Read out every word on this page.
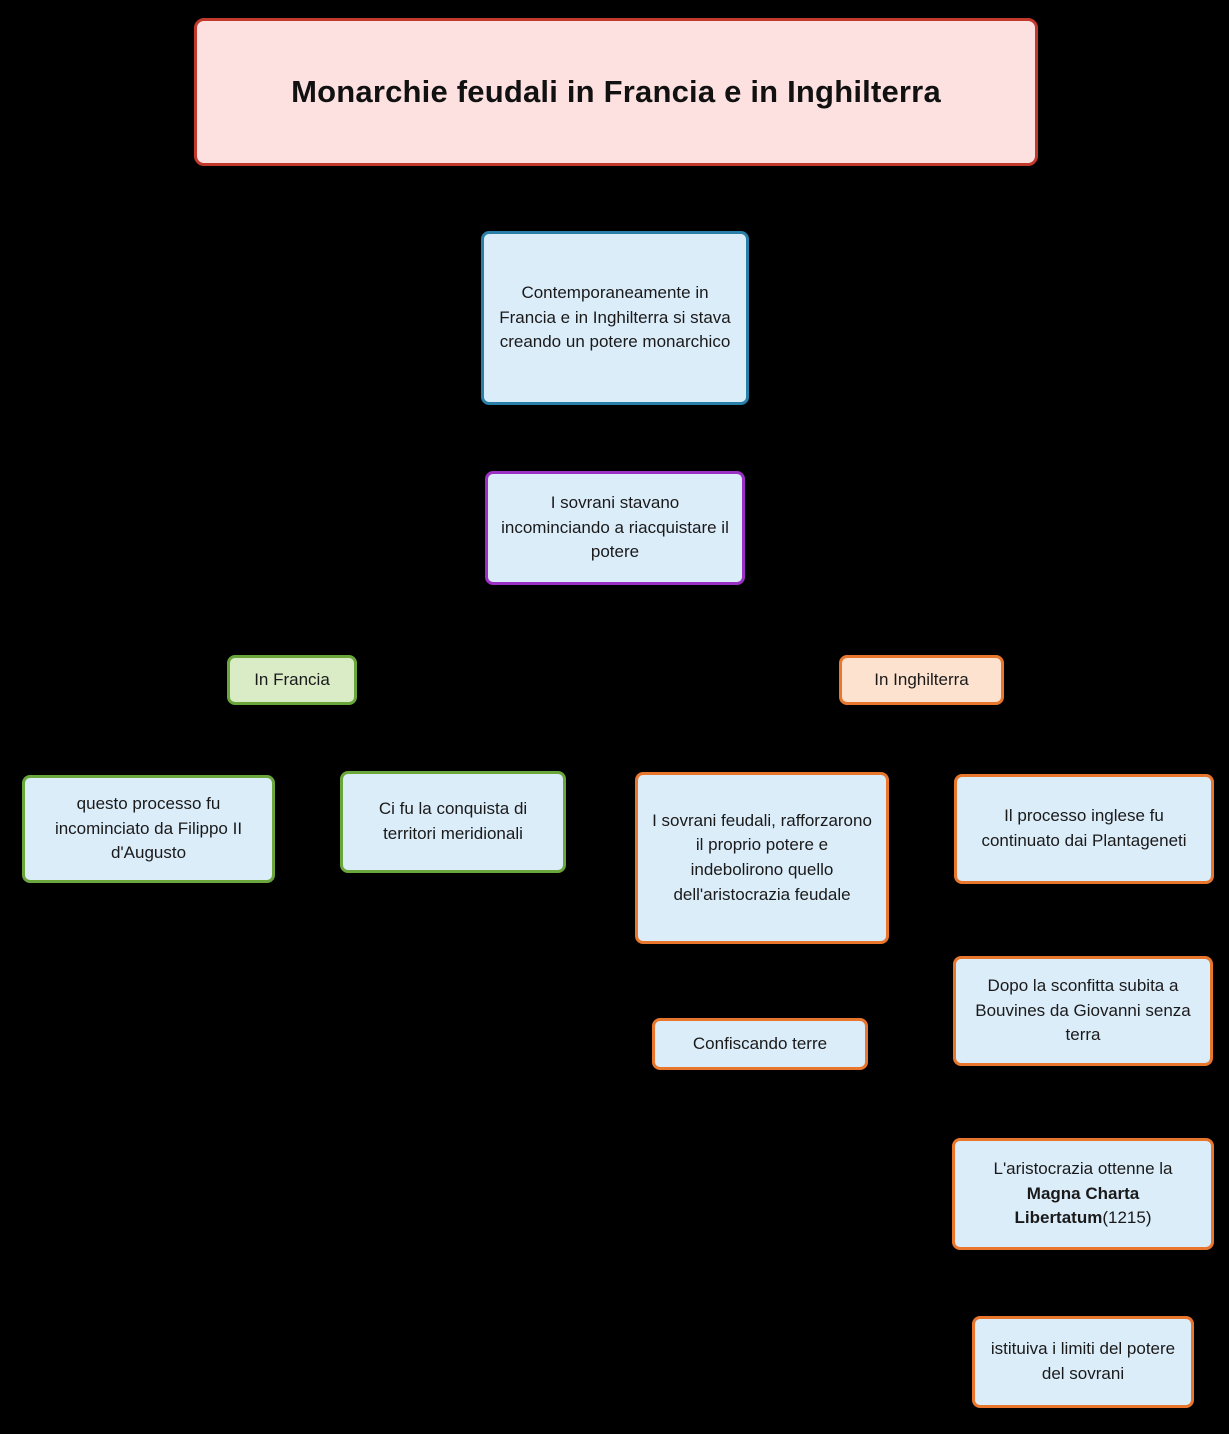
Monarchie feudali in Francia e in Inghilterra
Contemporaneamente in Francia e in Inghilterra si stava creando un potere monarchico
I sovrani stavano incominciando a riacquistare il potere
In Francia	In Inghilterra
questo processo fu incominciato da Filippo II d'Augusto
Ci fu la conquista di territori meridionali
I sovrani feudali, rafforzarono il proprio potere e indebolirono quello dell'aristocrazia feudale
Il processo inglese fu continuato dai Plantageneti
Confiscando terre
Dopo la sconfitta subita a Bouvines da Giovanni senza terra
L'aristocrazia ottenne la Magna Charta Libertatum(1215)
istituiva i limiti del potere del sovrani
